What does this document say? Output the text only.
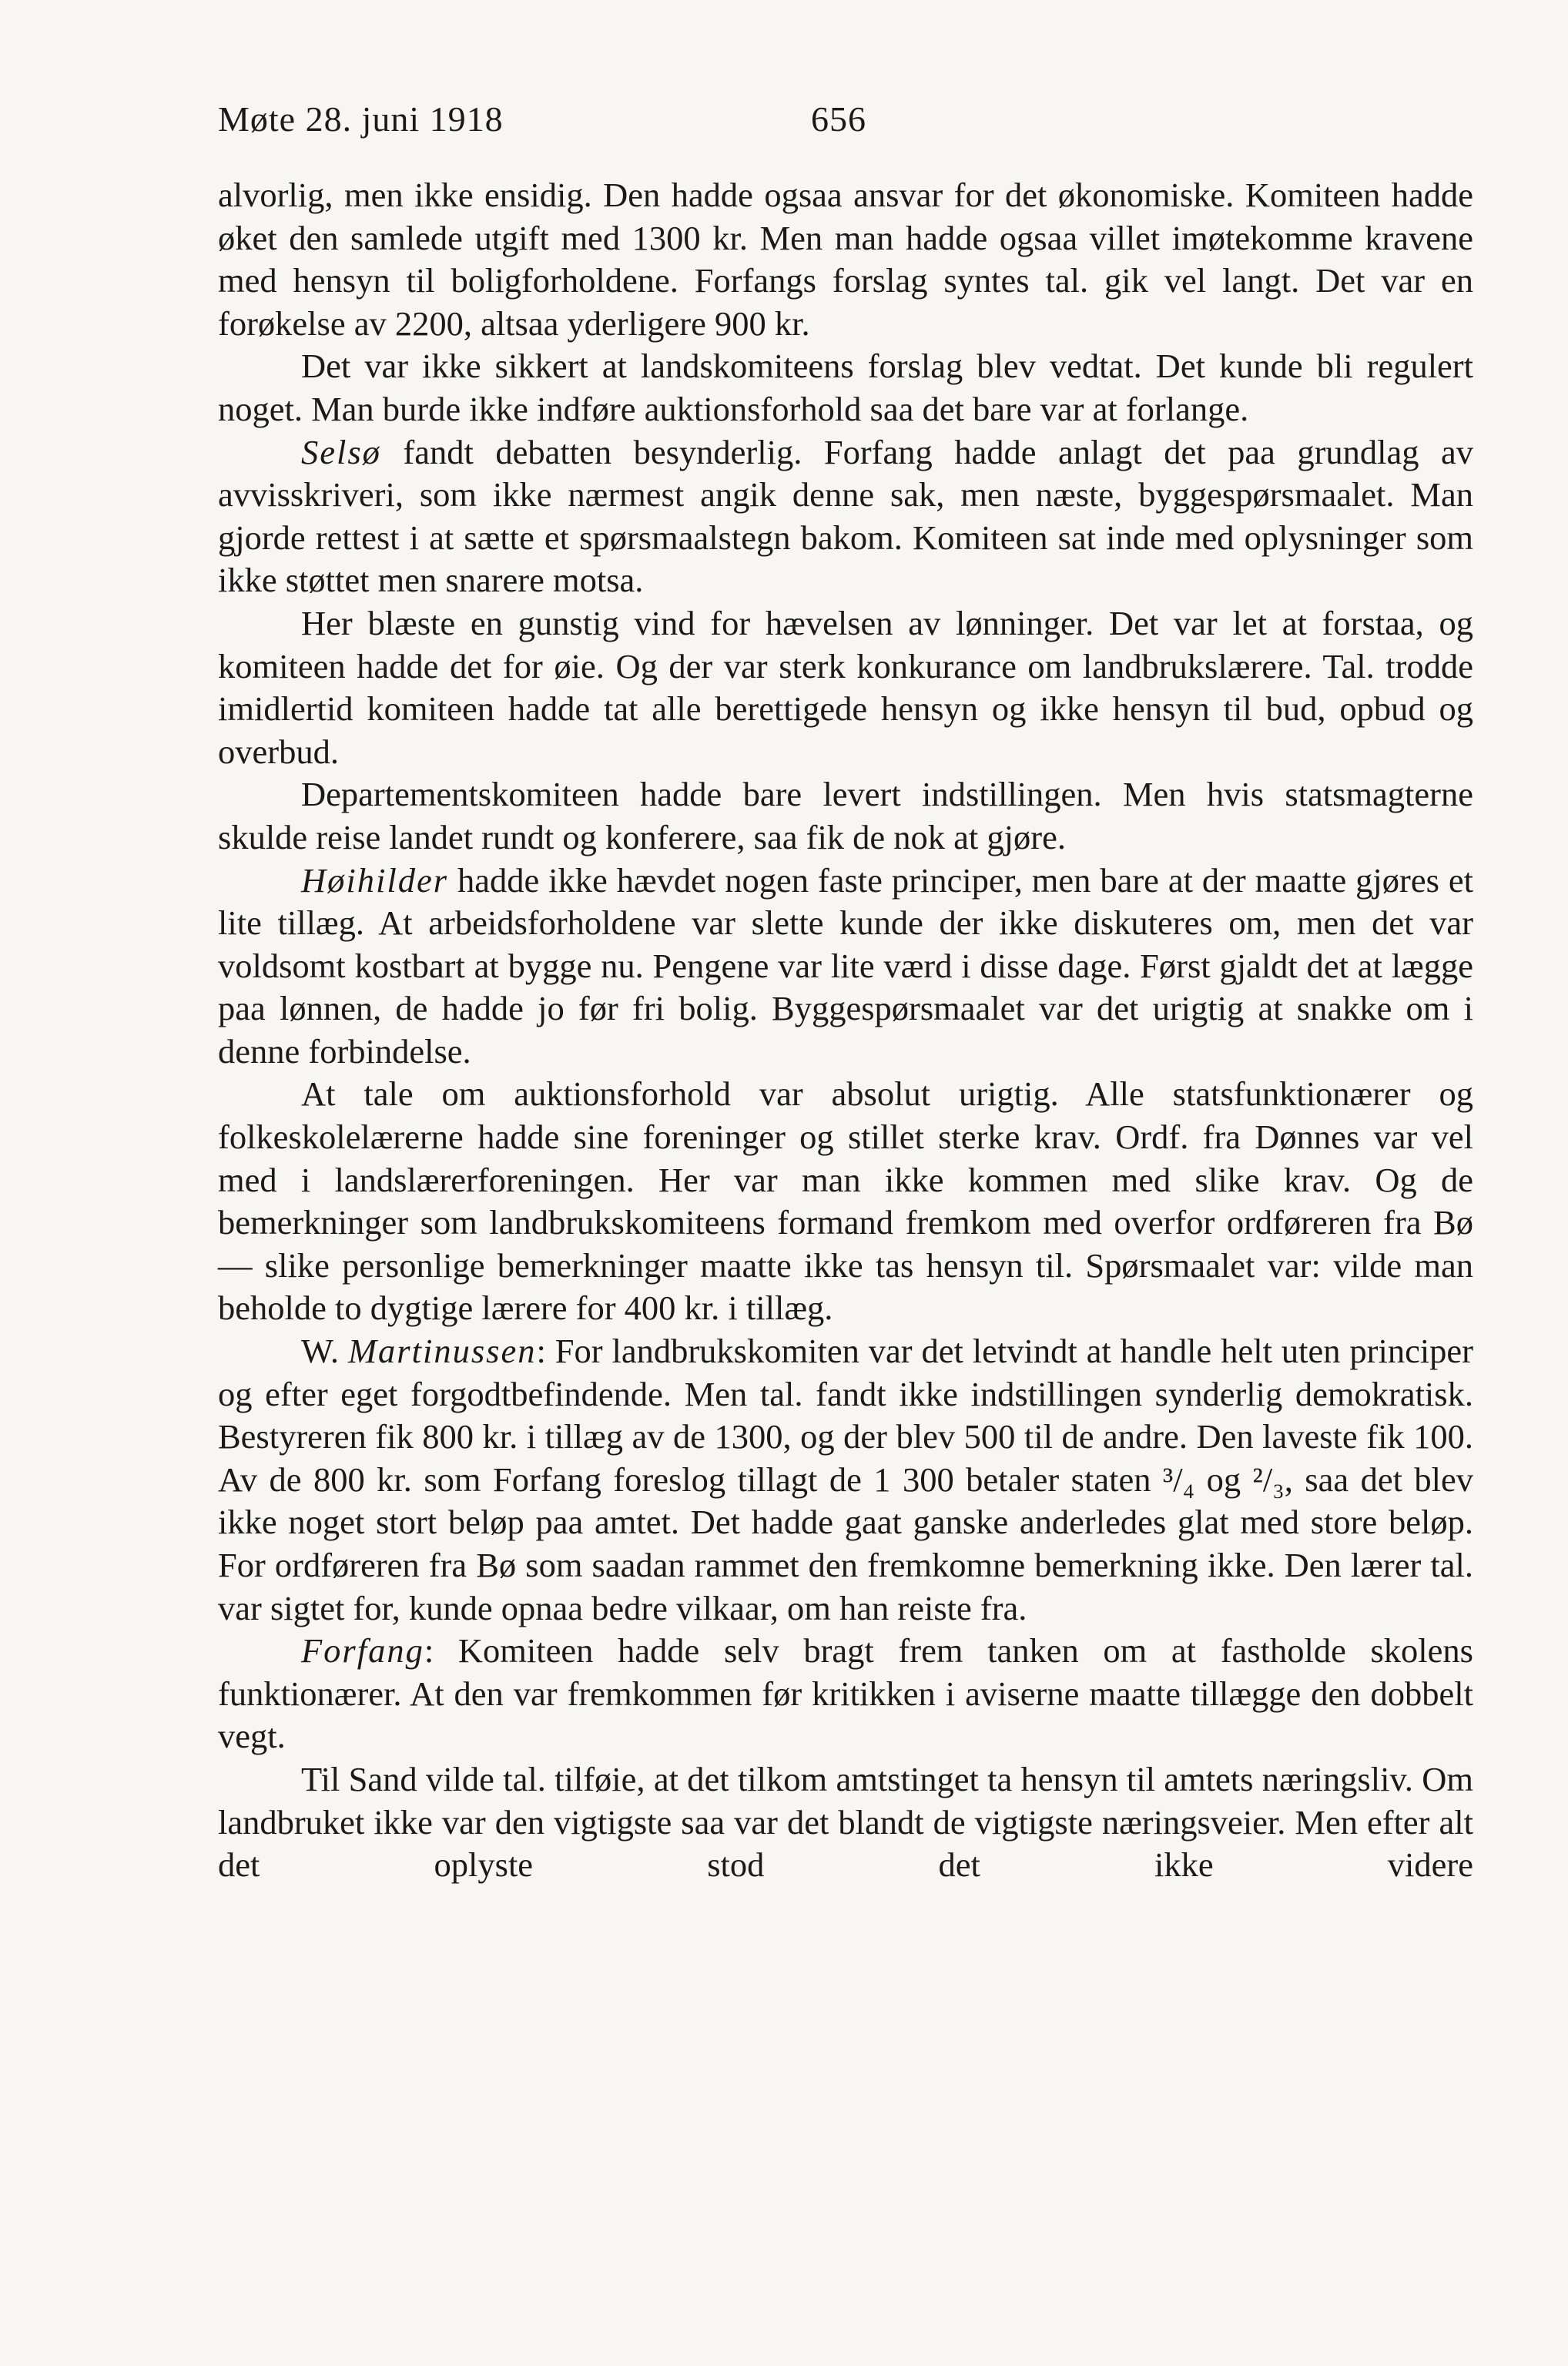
Møte 28. juni 1918	656

alvorlig, men ikke ensidig. Den hadde ogsaa ansvar for det økonomiske. Komiteen hadde øket den samlede utgift med 1300 kr. Men man hadde ogsaa villet imøtekomme kravene med hensyn til boligforholdene. Forfangs forslag syntes tal. gik vel langt. Det var en forøkelse av 2200, altsaa yderligere 900 kr.

Det var ikke sikkert at landskomiteens forslag blev vedtat. Det kunde bli regulert noget. Man burde ikke indføre auktionsforhold saa det bare var at forlange.

Selsø fandt debatten besynderlig. Forfang hadde anlagt det paa grundlag av avvisskriveri, som ikke nærmest angik denne sak, men næste, byggespørsmaalet. Man gjorde rettest i at sætte et spørsmaalstegn bakom. Komiteen sat inde med oplysninger som ikke støttet men snarere motsa.

Her blæste en gunstig vind for hævelsen av lønninger. Det var let at forstaa, og komiteen hadde det for øie. Og der var sterk konkurance om landbrukslærere. Tal. trodde imidlertid komiteen hadde tat alle berettigede hensyn og ikke hensyn til bud, opbud og overbud.

Departementskomiteen hadde bare levert indstillingen. Men hvis statsmagterne skulde reise landet rundt og konferere, saa fik de nok at gjøre.

Høihilder hadde ikke hævdet nogen faste principer, men bare at der maatte gjøres et lite tillæg. At arbeidsforholdene var slette kunde der ikke diskuteres om, men det var voldsomt kostbart at bygge nu. Pengene var lite værd i disse dage. Først gjaldt det at lægge paa lønnen, de hadde jo før fri bolig. Byggespørsmaalet var det urigtig at snakke om i denne forbindelse.

At tale om auktionsforhold var absolut urigtig. Alle statsfunktionærer og folkeskolelærerne hadde sine foreninger og stillet sterke krav. Ordf. fra Dønnes var vel med i landslærerforeningen. Her var man ikke kommen med slike krav. Og de bemerkninger som landbrukskomiteens formand fremkom med overfor ordføreren fra Bø — slike personlige bemerkninger maatte ikke tas hensyn til. Spørsmaalet var: vilde man beholde to dygtige lærere for 400 kr. i tillæg.

W. Martinussen: For landbrukskomiten var det letvindt at handle helt uten principer og efter eget forgodtbefindende. Men tal. fandt ikke indstillingen synderlig demokratisk. Bestyreren fik 800 kr. i tillæg av de 1300, og der blev 500 til de andre. Den laveste fik 100. Av de 800 kr. som Forfang foreslog tillagt de 1 300 betaler staten ³/₄ og ²/₃, saa det blev ikke noget stort beløp paa amtet. Det hadde gaat ganske anderledes glat med store beløp. For ordføreren fra Bø som saadan rammet den fremkomne bemerkning ikke. Den lærer tal. var sigtet for, kunde opnaa bedre vilkaar, om han reiste fra.

Forfang: Komiteen hadde selv bragt frem tanken om at fastholde skolens funktionærer. At den var fremkommen før kritikken i aviserne maatte tillægge den dobbelt vegt.

Til Sand vilde tal. tilføie, at det tilkom amtstinget ta hensyn til amtets næringsliv. Om landbruket ikke var den vigtigste saa var det blandt de vigtigste næringsveier. Men efter alt det oplyste stod det ikke videre
